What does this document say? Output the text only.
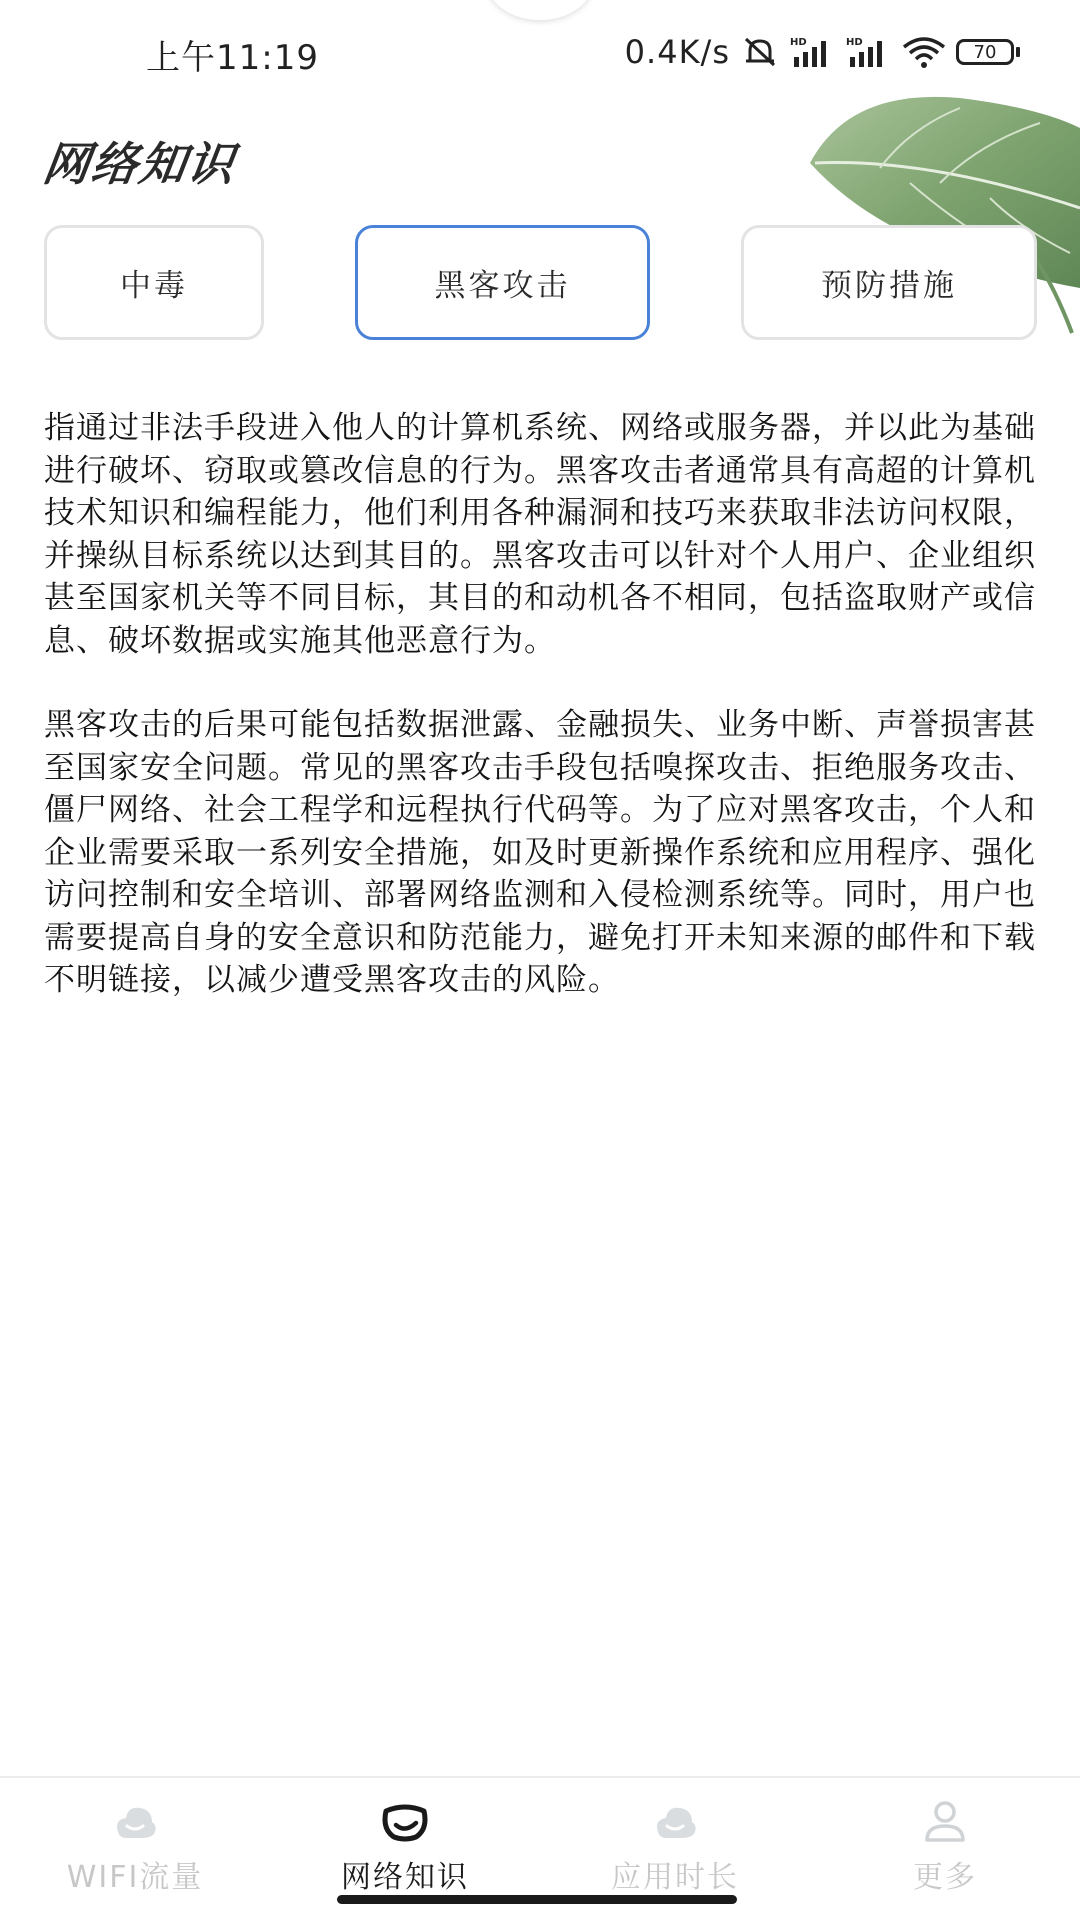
上午11:19	0.4K/s	HD	HD	70
网络知识
中毒	黑客攻击	预防措施

指通过非法手段进入他人的计算机系统、网络或服务器，并以此为基础进行破坏、窃取或篡改信息的行为。黑客攻击者通常具有高超的计算机技术知识和编程能力，他们利用各种漏洞和技巧来获取非法访问权限，并操纵目标系统以达到其目的。黑客攻击可以针对个人用户、企业组织甚至国家机关等不同目标，其目的和动机各不相同，包括盗取财产或信息、破坏数据或实施其他恶意行为。

黑客攻击的后果可能包括数据泄露、金融损失、业务中断、声誉损害甚至国家安全问题。常见的黑客攻击手段包括嗅探攻击、拒绝服务攻击、僵尸网络、社会工程学和远程执行代码等。为了应对黑客攻击，个人和企业需要采取一系列安全措施，如及时更新操作系统和应用程序、强化访问控制和安全培训、部署网络监测和入侵检测系统等。同时，用户也需要提高自身的安全意识和防范能力，避免打开未知来源的邮件和下载不明链接，以减少遭受黑客攻击的风险。

WIFI流量	网络知识	应用时长	更多
